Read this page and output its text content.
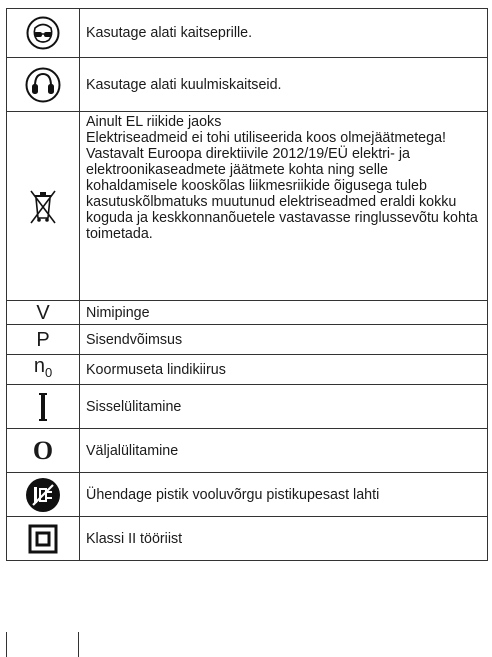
	Kasutage alati kaitseprille.

	Kasutage alati kuulmiskaitseid.

	Ainult EL riikide jaoks
Elektriseadmeid ei tohi utiliseerida koos olmejäätmetega!
Vastavalt Euroopa direktiivile 2012/19/EÜ elektri- ja elektroonikaseadmete jäätmete kohta ning selle kohaldamisele kooskõlas liikmesriikide õigusega tuleb kasutuskõlbmatuks muutunud elektriseadmed eraldi kokku koguda ja keskkonnanõuetele vastavasse ringlussevõtu kohta toimetada.
V	Nimipinge
P	Sisendvõimsus
$n_0$	Koormuseta lindikiirus

	Sisselülitamine
O	Väljalülitamine

	Ühendage pistik vooluvõrgu pistikupesast lahti

	Klassi II tööriist
